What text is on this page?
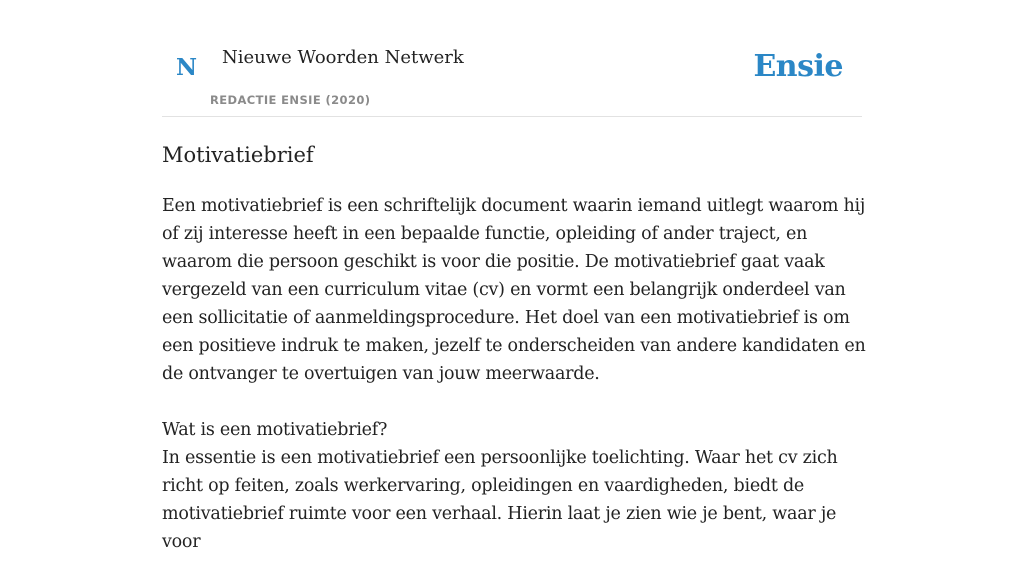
N Nieuwe Woorden Netwerk
REDACTIE ENSIE (2020)
Ensie
Motivatiebrief

Een motivatiebrief is een schriftelijk document waarin iemand uitlegt waarom hij of zij interesse heeft in een bepaalde functie, opleiding of ander traject, en waarom die persoon geschikt is voor die positie. De motivatiebrief gaat vaak vergezeld van een curriculum vitae (cv) en vormt een belangrijk onderdeel van een sollicitatie of aanmeldingsprocedure. Het doel van een motivatiebrief is om een positieve indruk te maken, jezelf te onderscheiden van andere kandidaten en de ontvanger te overtuigen van jouw meerwaarde.

Wat is een motivatiebrief?

In essentie is een motivatiebrief een persoonlijke toelichting. Waar het cv zich richt op feiten, zoals werkervaring, opleidingen en vaardigheden, biedt de motivatiebrief ruimte voor een verhaal. Hierin laat je zien wie je bent, waar je voor
